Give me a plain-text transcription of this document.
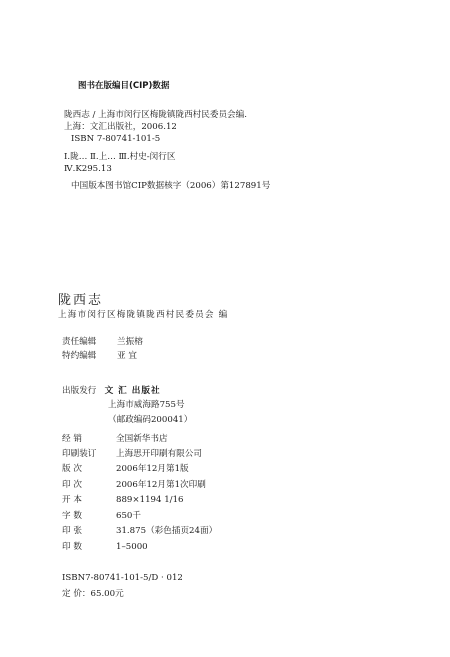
图书在版编目(CIP)数据
陇西志 / 上海市闵行区梅陇镇陇西村民委员会编.
上海：文汇出版社，2006.12
ISBN 7-80741-101-5
Ⅰ.陇… Ⅱ.上… Ⅲ.村史-闵行区
Ⅳ.K295.13
中国版本图书馆CIP数据核字（2006）第127891号
陇西志
上海市闵行区梅陇镇陇西村民委员会 编
责任编辑 兰振榕
特约编辑 亚 宜
出版发行 文 汇 出版社
上海市威海路755号
（邮政编码200041）
经 销	全国新华书店
印刷装订 上海思开印刷有限公司
版 次	2006年12月第1版
印 次	2006年12月第1次印刷
开 本	889×1194 1/16
字 数	650千
印 张	31.875（彩色插页24面）
印 数	1–5000
ISBN7-80741-101-5/D · 012
定 价：65.00元
